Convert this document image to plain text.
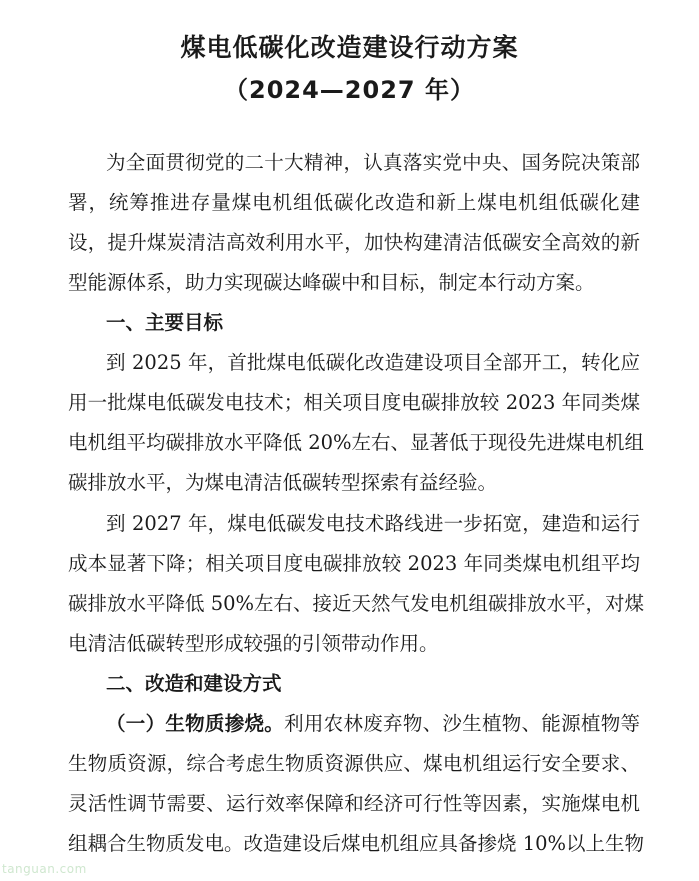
煤电低碳化改造建设行动方案
（2024—2027 年）
为全面贯彻党的二十大精神，认真落实党中央、国务院决策部
署，统筹推进存量煤电机组低碳化改造和新上煤电机组低碳化建
设，提升煤炭清洁高效利用水平，加快构建清洁低碳安全高效的新
型能源体系，助力实现碳达峰碳中和目标，制定本行动方案。
一、主要目标
到 2025 年，首批煤电低碳化改造建设项目全部开工，转化应
用一批煤电低碳发电技术；相关项目度电碳排放较 2023 年同类煤
电机组平均碳排放水平降低 20%左右、显著低于现役先进煤电机组
碳排放水平，为煤电清洁低碳转型探索有益经验。
到 2027 年，煤电低碳发电技术路线进一步拓宽，建造和运行
成本显著下降；相关项目度电碳排放较 2023 年同类煤电机组平均
碳排放水平降低 50%左右、接近天然气发电机组碳排放水平，对煤
电清洁低碳转型形成较强的引领带动作用。
二、改造和建设方式
（一）生物质掺烧。利用农林废弃物、沙生植物、能源植物等
生物质资源，综合考虑生物质资源供应、煤电机组运行安全要求、
灵活性调节需要、运行效率保障和经济可行性等因素，实施煤电机
组耦合生物质发电。改造建设后煤电机组应具备掺烧 10%以上生物
tanguan.com
